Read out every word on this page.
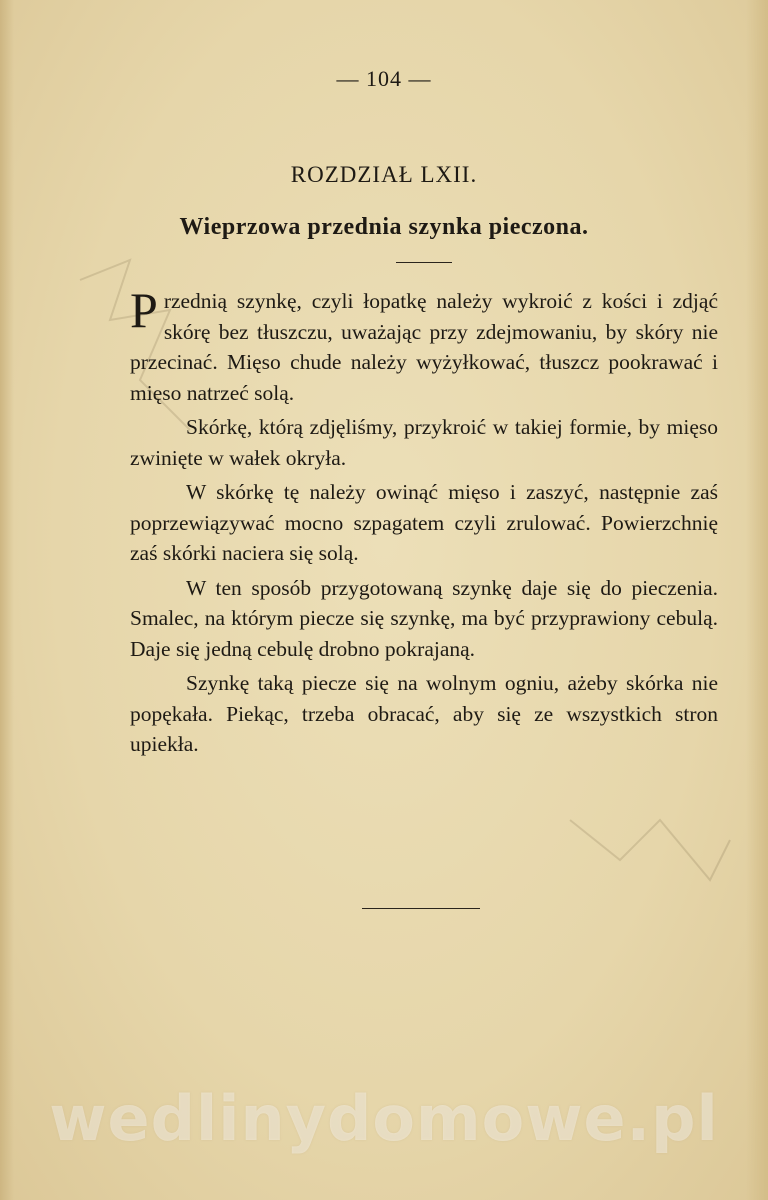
— 104 —
ROZDZIAŁ LXII.
Wieprzowa przednia szynka pieczona.

Przednią szynkę, czyli łopatkę należy wykroić z kości i zdjąć skórę bez tłuszczu, uważając przy zdejmowaniu, by skóry nie przecinać. Mięso chude należy wyżyłkować, tłuszcz pookrawać i mięso natrzeć solą.

Skórkę, którą zdjęliśmy, przykroić w takiej formie, by mięso zwinięte w wałek okryła.

W skórkę tę należy owinąć mięso i zaszyć, następnie zaś poprzewiązywać mocno szpagatem czyli zrulować. Powierzchnię zaś skórki naciera się solą.

W ten sposób przygotowaną szynkę daje się do pieczenia. Smalec, na którym piecze się szynkę, ma być przyprawiony cebulą. Daje się jedną cebulę drobno pokrajaną.

Szynkę taką piecze się na wolnym ogniu, ażeby skórka nie popękała. Piekąc, trzeba obracać, aby się ze wszystkich stron upiekła.

wedlinydomowe.pl
